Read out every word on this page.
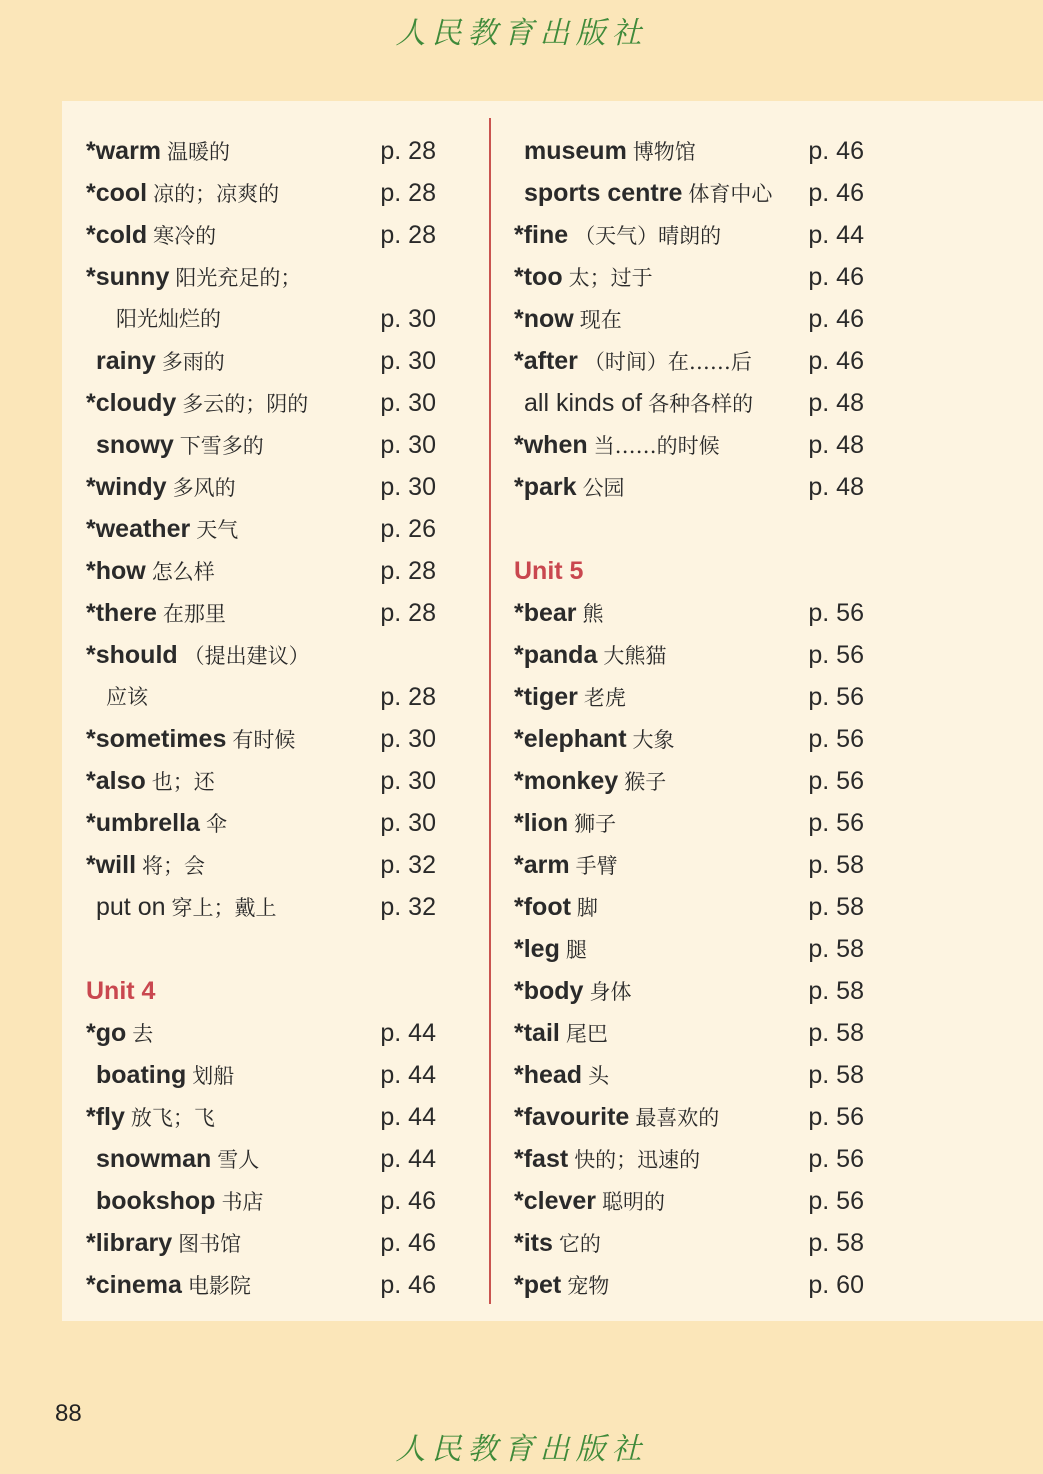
人民教育出版社
*warm 温暖的	p. 28
*cool 凉的；凉爽的	p. 28
*cold 寒冷的	p. 28
*sunny 阳光充足的；
阳光灿烂的	p. 30
rainy 多雨的	p. 30
*cloudy 多云的；阴的	p. 30
snowy 下雪多的	p. 30
*windy 多风的	p. 30
*weather 天气	p. 26
*how 怎么样	p. 28
*there 在那里	p. 28
*should （提出建议）
应该	p. 28
*sometimes 有时候	p. 30
*also 也；还	p. 30
*umbrella 伞	p. 30
*will 将；会	p. 32
put on 穿上；戴上	p. 32
Unit 4
*go 去	p. 44
boating 划船	p. 44
*fly 放飞；飞	p. 44
snowman 雪人	p. 44
bookshop 书店	p. 46
*library 图书馆	p. 46
*cinema 电影院	p. 46
museum 博物馆	p. 46
sports centre 体育中心 p. 46
*fine （天气）晴朗的	p. 44
*too 太；过于	p. 46
*now 现在	p. 46
*after （时间）在……后 p. 46
all kinds of 各种各样的 p. 48
*when 当……的时候	p. 48
*park 公园	p. 48
Unit 5
*bear 熊	p. 56
*panda 大熊猫	p. 56
*tiger 老虎	p. 56
*elephant 大象	p. 56
*monkey 猴子	p. 56
*lion 狮子	p. 56
*arm 手臂	p. 58
*foot 脚	p. 58
*leg 腿	p. 58
*body 身体	p. 58
*tail 尾巴	p. 58
*head 头	p. 58
*favourite 最喜欢的	p. 56
*fast 快的；迅速的	p. 56
*clever 聪明的	p. 56
*its 它的	p. 58
*pet 宠物	p. 60
88
人民教育出版社
